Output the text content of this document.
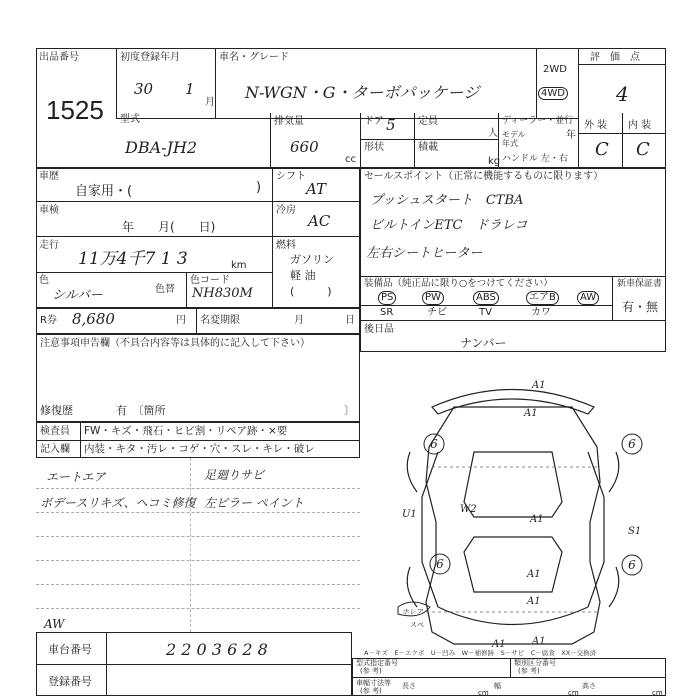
出品番号
1525
初度登録年月
30 1
月
車名・グレード
N-WGN・G・ターボパッケージ
2WD
4WD
評　価　点
4
型式
DBA-JH2
排気量
660
cc
ドア 5 定員
人
形状	積載
kg
ディーラー・並行
モデル
年式
年
ハンドル 左・右
外 装 内 装
C C
車歴
自家用・(	)
シフト
AT
車検
年　　月(　　日)
冷房
AC
走行
11万4千7 1 3	km
燃料
ガソリン
軽 油
(　　　)
色
シルバー	色替
色コード
NH830M
セールスポイント（正常に機能するものに限ります）
プッシュスタート　CTBA
ビルトインETC　ドラレコ
左右シートヒーター
装備品（純正品に限り○をつけてください）	新車保証書
有・無
PS	PW	ABS	エアB	AW
SR	チビ	TV	カワ
後日品
ナンバー
R券 8,680	円 名変期限	月	日
注意事項申告欄（不具合内容等は具体的に記入して下さい）
修復歴	有　〔箇所	〕
検査員 FW・キズ・飛石・ヒビ割・リペア跡・×要
記入欄 内装・キタ・汚レ・コゲ・穴・スレ・キレ・破レ
エートエア
ボデースリキズ、ヘコミ修復
足廻りサビ
左ピラー ペイント
AW
A1
A1
A1
A1
A1
A1
W2
U1
S1
A1
6	6
6	6
ホレア
スペ
A－キズ　E－エクボ　U－凹み　W－補修跡　S－サビ　C－腐食　XX－交換済
車台番号	2 2 0 3 6 2 8
登録番号
型式指定番号
(参 考)
類別区分番号
(参 考)
車幅寸法等
(参 考)
長さ
cm
幅
cm
高さ
cm
